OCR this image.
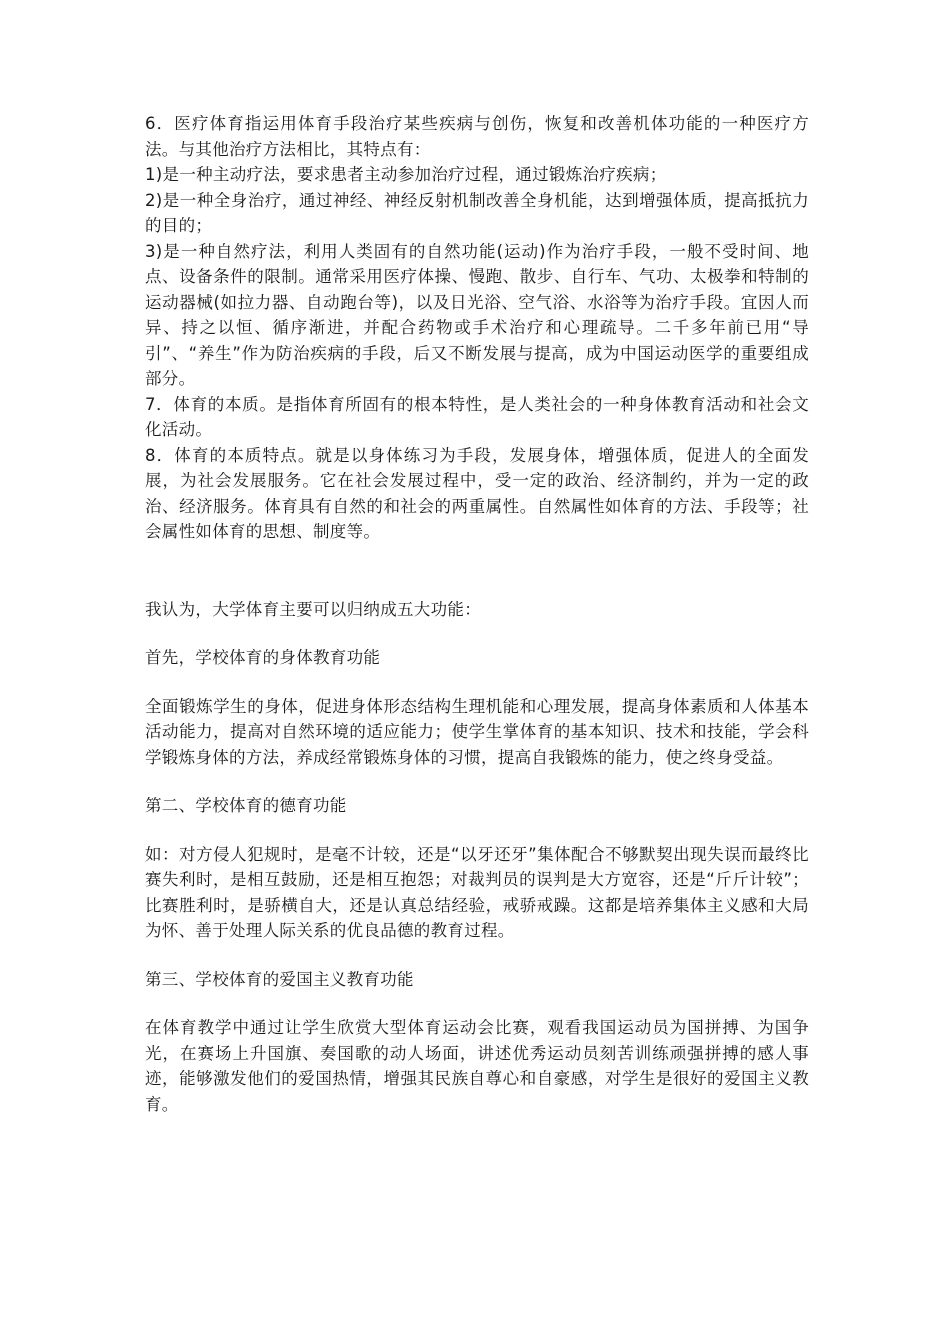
6．医疗体育指运用体育手段治疗某些疾病与创伤，恢复和改善机体功能的一种医疗方法。与其他治疗方法相比，其特点有：

1)是一种主动疗法，要求患者主动参加治疗过程，通过锻炼治疗疾病；

2)是一种全身治疗，通过神经、神经反射机制改善全身机能，达到增强体质，提高抵抗力的目的；

3)是一种自然疗法，利用人类固有的自然功能(运动)作为治疗手段，一般不受时间、地点、设备条件的限制。通常采用医疗体操、慢跑、散步、自行车、气功、太极拳和特制的运动器械(如拉力器、自动跑台等)，以及日光浴、空气浴、水浴等为治疗手段。宜因人而异、持之以恒、循序渐进，并配合药物或手术治疗和心理疏导。二千多年前已用“导引”、“养生”作为防治疾病的手段，后又不断发展与提高，成为中国运动医学的重要组成部分。

7．体育的本质。是指体育所固有的根本特性，是人类社会的一种身体教育活动和社会文化活动。

8．体育的本质特点。就是以身体练习为手段，发展身体，增强体质，促进人的全面发展，为社会发展服务。它在社会发展过程中，受一定的政治、经济制约，并为一定的政治、经济服务。体育具有自然的和社会的两重属性。自然属性如体育的方法、手段等；社会属性如体育的思想、制度等。

我认为，大学体育主要可以归纳成五大功能：

首先，学校体育的身体教育功能

全面锻炼学生的身体，促进身体形态结构生理机能和心理发展，提高身体素质和人体基本活动能力，提高对自然环境的适应能力；使学生掌体育的基本知识、技术和技能，学会科学锻炼身体的方法，养成经常锻炼身体的习惯，提高自我锻炼的能力，使之终身受益。

第二、学校体育的德育功能

如：对方侵人犯规时，是毫不计较，还是“以牙还牙”集体配合不够默契出现失误而最终比赛失利时，是相互鼓励，还是相互抱怨；对裁判员的误判是大方宽容，还是“斤斤计较”；比赛胜利时，是骄横自大，还是认真总结经验，戒骄戒躁。这都是培养集体主义感和大局为怀、善于处理人际关系的优良品德的教育过程。

第三、学校体育的爱国主义教育功能

在体育教学中通过让学生欣赏大型体育运动会比赛，观看我国运动员为国拼搏、为国争光，在赛场上升国旗、奏国歌的动人场面，讲述优秀运动员刻苦训练顽强拼搏的感人事迹，能够激发他们的爱国热情，增强其民族自尊心和自豪感，对学生是很好的爱国主义教育。
